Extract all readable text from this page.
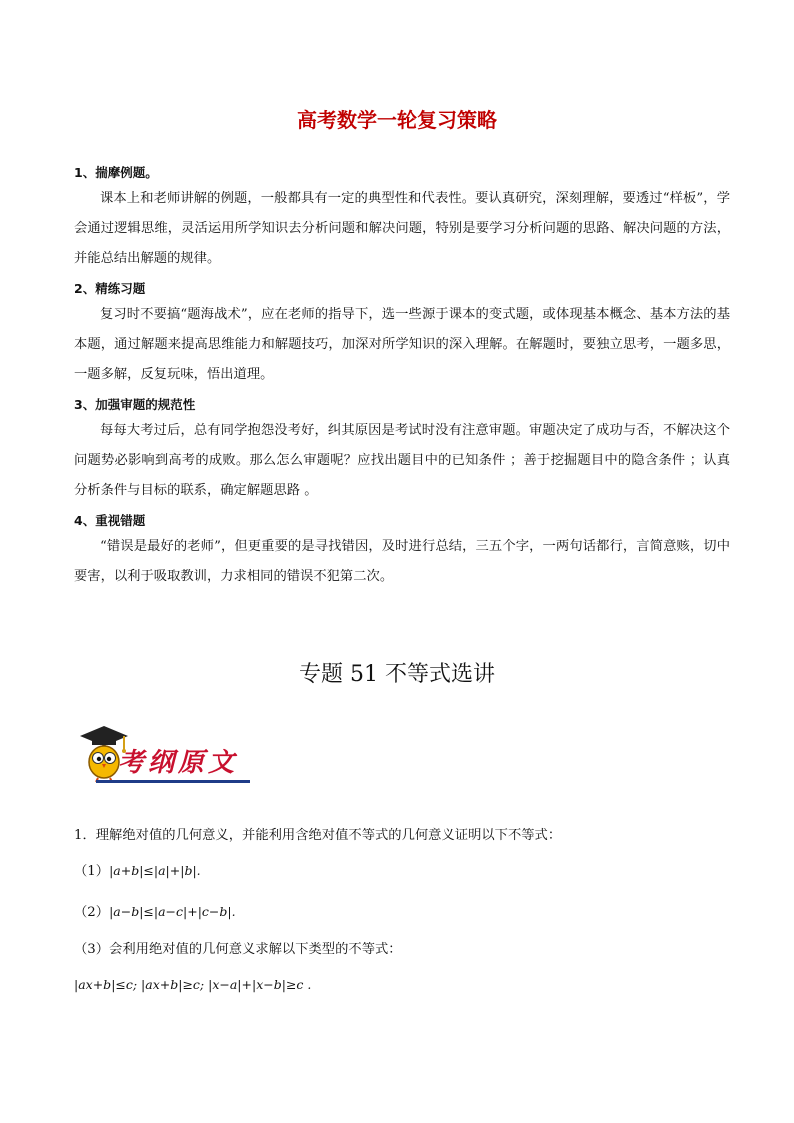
高考数学一轮复习策略

1、揣摩例题。

课本上和老师讲解的例题，一般都具有一定的典型性和代表性。要认真研究，深刻理解，要透过“样板”，学会通过逻辑思维，灵活运用所学知识去分析问题和解决问题，特别是要学习分析问题的思路、解决问题的方法，并能总结出解题的规律。

2、精练习题

复习时不要搞“题海战术”，应在老师的指导下，选一些源于课本的变式题，或体现基本概念、基本方法的基本题，通过解题来提高思维能力和解题技巧，加深对所学知识的深入理解。在解题时，要独立思考，一题多思，一题多解，反复玩味，悟出道理。

3、加强审题的规范性

每每大考过后，总有同学抱怨没考好，纠其原因是考试时没有注意审题。审题决定了成功与否，不解决这个问题势必影响到高考的成败。那么怎么审题呢？应找出题目中的已知条件 ；善于挖掘题目中的隐含条件 ；认真分析条件与目标的联系，确定解题思路 。

4、重视错题

“错误是最好的老师”，但更重要的是寻找错因，及时进行总结，三五个字，一两句话都行，言简意赅，切中要害，以利于吸取教训，力求相同的错误不犯第二次。

专题 51 不等式选讲
考纲原文
1．理解绝对值的几何意义，并能利用含绝对值不等式的几何意义证明以下不等式：
（1）|a+b|≤|a|+|b|.
（2）|a−b|≤|a−c|+|c−b|.
（3）会利用绝对值的几何意义求解以下类型的不等式：
|ax+b|≤c; |ax+b|≥c; |x−a|+|x−b|≥c .
